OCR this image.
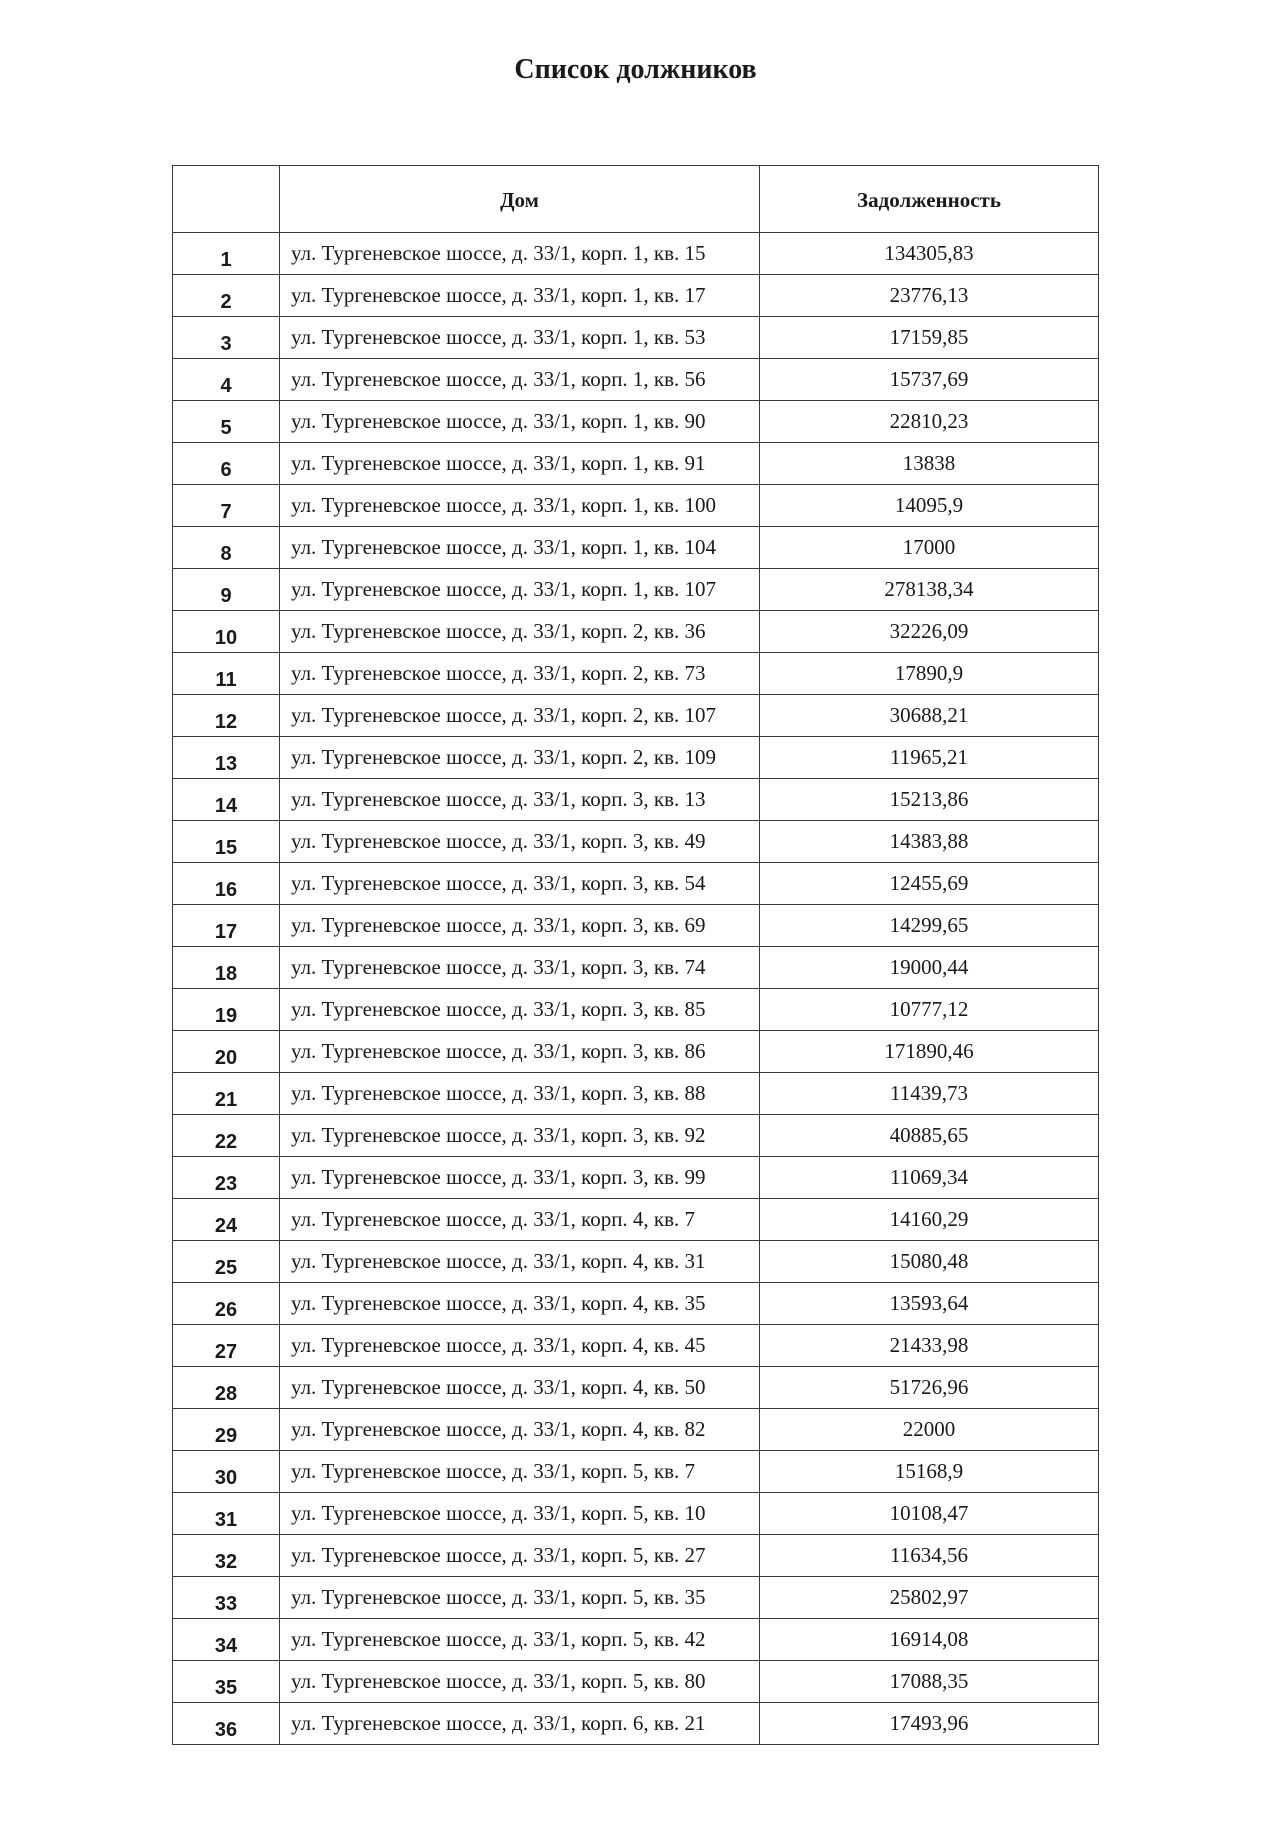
Список должников
	Дом	Задолженность
1	ул. Тургеневское шоссе, д. 33/1, корп. 1, кв. 15	134305,83
2	ул. Тургеневское шоссе, д. 33/1, корп. 1, кв. 17	23776,13
3	ул. Тургеневское шоссе, д. 33/1, корп. 1, кв. 53	17159,85
4	ул. Тургеневское шоссе, д. 33/1, корп. 1, кв. 56	15737,69
5	ул. Тургеневское шоссе, д. 33/1, корп. 1, кв. 90	22810,23
6	ул. Тургеневское шоссе, д. 33/1, корп. 1, кв. 91	13838
7	ул. Тургеневское шоссе, д. 33/1, корп. 1, кв. 100	14095,9
8	ул. Тургеневское шоссе, д. 33/1, корп. 1, кв. 104	17000
9	ул. Тургеневское шоссе, д. 33/1, корп. 1, кв. 107	278138,34
10	ул. Тургеневское шоссе, д. 33/1, корп. 2, кв. 36	32226,09
11	ул. Тургеневское шоссе, д. 33/1, корп. 2, кв. 73	17890,9
12	ул. Тургеневское шоссе, д. 33/1, корп. 2, кв. 107	30688,21
13	ул. Тургеневское шоссе, д. 33/1, корп. 2, кв. 109	11965,21
14	ул. Тургеневское шоссе, д. 33/1, корп. 3, кв. 13	15213,86
15	ул. Тургеневское шоссе, д. 33/1, корп. 3, кв. 49	14383,88
16	ул. Тургеневское шоссе, д. 33/1, корп. 3, кв. 54	12455,69
17	ул. Тургеневское шоссе, д. 33/1, корп. 3, кв. 69	14299,65
18	ул. Тургеневское шоссе, д. 33/1, корп. 3, кв. 74	19000,44
19	ул. Тургеневское шоссе, д. 33/1, корп. 3, кв. 85	10777,12
20	ул. Тургеневское шоссе, д. 33/1, корп. 3, кв. 86	171890,46
21	ул. Тургеневское шоссе, д. 33/1, корп. 3, кв. 88	11439,73
22	ул. Тургеневское шоссе, д. 33/1, корп. 3, кв. 92	40885,65
23	ул. Тургеневское шоссе, д. 33/1, корп. 3, кв. 99	11069,34
24	ул. Тургеневское шоссе, д. 33/1, корп. 4, кв. 7	14160,29
25	ул. Тургеневское шоссе, д. 33/1, корп. 4, кв. 31	15080,48
26	ул. Тургеневское шоссе, д. 33/1, корп. 4, кв. 35	13593,64
27	ул. Тургеневское шоссе, д. 33/1, корп. 4, кв. 45	21433,98
28	ул. Тургеневское шоссе, д. 33/1, корп. 4, кв. 50	51726,96
29	ул. Тургеневское шоссе, д. 33/1, корп. 4, кв. 82	22000
30	ул. Тургеневское шоссе, д. 33/1, корп. 5, кв. 7	15168,9
31	ул. Тургеневское шоссе, д. 33/1, корп. 5, кв. 10	10108,47
32	ул. Тургеневское шоссе, д. 33/1, корп. 5, кв. 27	11634,56
33	ул. Тургеневское шоссе, д. 33/1, корп. 5, кв. 35	25802,97
34	ул. Тургеневское шоссе, д. 33/1, корп. 5, кв. 42	16914,08
35	ул. Тургеневское шоссе, д. 33/1, корп. 5, кв. 80	17088,35
36	ул. Тургеневское шоссе, д. 33/1, корп. 6, кв. 21	17493,96
